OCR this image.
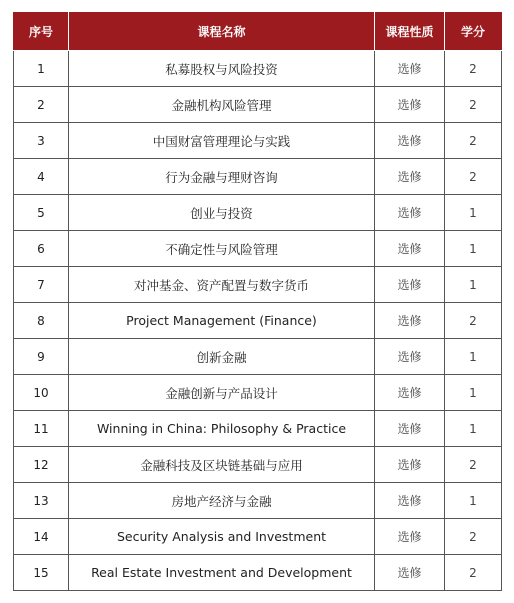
序号	课程名称	课程性质	学分
1	私募股权与风险投资	选修	2
2	金融机构风险管理	选修	2
3	中国财富管理理论与实践	选修	2
4	行为金融与理财咨询	选修	2
5	创业与投资	选修	1
6	不确定性与风险管理	选修	1
7	对冲基金、资产配置与数字货币	选修	1
8	Project Management (Finance)	选修	2
9	创新金融	选修	1
10	金融创新与产品设计	选修	1
11	Winning in China: Philosophy & Practice	选修	1
12	金融科技及区块链基础与应用	选修	2
13	房地产经济与金融	选修	1
14	Security Analysis and Investment	选修	2
15	Real Estate Investment and Development	选修	2
